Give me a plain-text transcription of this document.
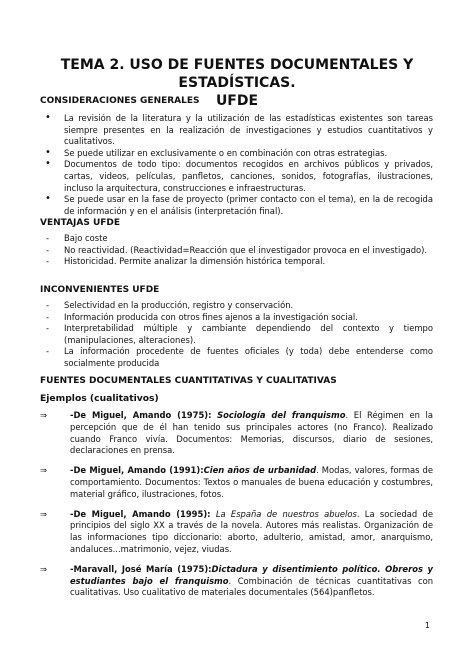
TEMA 2. USO DE FUENTES DOCUMENTALES Y ESTADÍSTICAS.
UFDE

CONSIDERACIONES GENERALES

• La revisión de la literatura y la utilización de las estadísticas existentes son tareas siempre presentes en la realización de investigaciones y estudios cuantitativos y cualitativos.
• Se puede utilizar en exclusivamente o en combinación con otras estrategias.
• Documentos de todo tipo: documentos recogidos en archivos públicos y privados, cartas, videos, películas, panfletos, canciones, sonidos, fotografías, ilustraciones, incluso la arquitectura, construcciones e infraestructuras.
• Se puede usar en la fase de proyecto (primer contacto con el tema), en la de recogida de información y en el análisis (interpretación final).

VENTAJAS UFDE

- Bajo coste
- No reactividad. (Reactividad=Reacción que el investigador provoca en el investigado).
- Historicidad. Permite analizar la dimensión histórica temporal.

INCONVENIENTES UFDE

- Selectividad en la producción, registro y conservación.
- Información producida con otros fines ajenos a la investigación social.
- Interpretabilidad múltiple y cambiante dependiendo del contexto y tiempo (manipulaciones, alteraciones).
- La información procedente de fuentes oficiales (y toda) debe entenderse como socialmente producida

FUENTES DOCUMENTALES CUANTITATIVAS Y CUALITATIVAS

Ejemplos (cualitativos)

⇒	-De Miguel, Amando (1975): Sociología del franquismo. El Régimen en la percepción que de él han tenido sus principales actores (no Franco). Realizado cuando Franco vivía. Documentos: Memorias, discursos, diario de sesiones, declaraciones en prensa.
⇒	-De Miguel, Amando (1991):Cien años de urbanidad. Modas, valores, formas de comportamiento. Documentos: Textos o manuales de buena educación y costumbres, material gráfico, ilustraciones, fotos.
⇒	-De Miguel, Amando (1995): La España de nuestros abuelos. La sociedad de principios del siglo XX a través de la novela. Autores más realistas. Organización de las informaciones tipo diccionario: aborto, adulterio, amistad, amor, anarquismo, andaluces...matrimonio, vejez, viudas.
⇒	-Maravall, José María (1975):Dictadura y disentimiento político. Obreros y estudiantes bajo el franquismo. Combinación de técnicas cuantitativas con cualitativas. Uso cualitativo de materiales documentales (564)panfletos.
1
